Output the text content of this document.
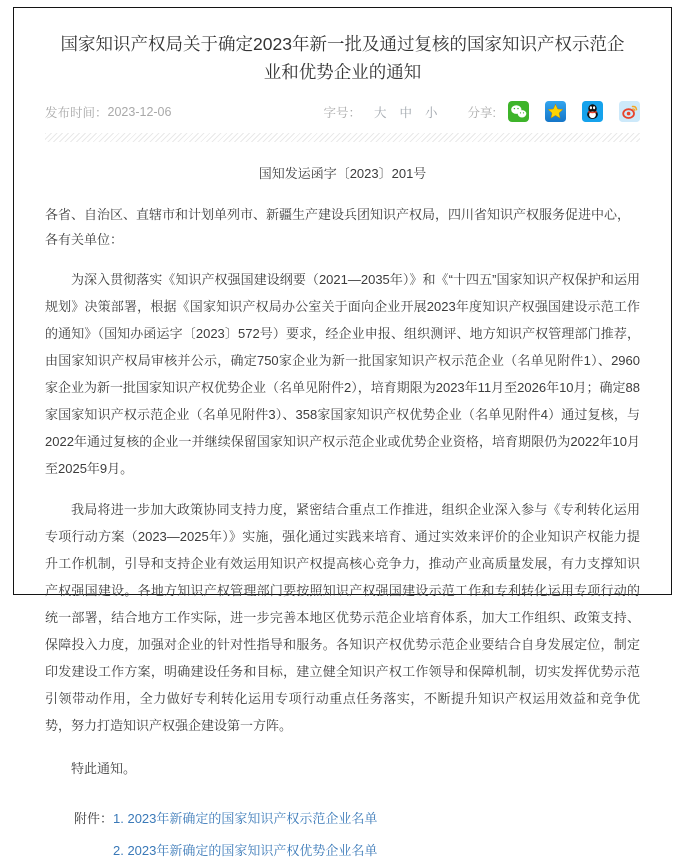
国家知识产权局关于确定2023年新一批及通过复核的国家知识产权示范企业和优势企业的通知
发布时间： 2023-12-06	字号： 大 中 小 分享:
国知发运函字〔2023〕201号
各省、自治区、直辖市和计划单列市、新疆生产建设兵团知识产权局，四川省知识产权服务促进中心，各有关单位：

为深入贯彻落实《知识产权强国建设纲要（2021—2035年）》和《“十四五”国家知识产权保护和运用规划》决策部署，根据《国家知识产权局办公室关于面向企业开展2023年度知识产权强国建设示范工作的通知》（国知办函运字〔2023〕572号）要求，经企业申报、组织测评、地方知识产权管理部门推荐，由国家知识产权局审核并公示，确定750家企业为新一批国家知识产权示范企业（名单见附件1）、2960家企业为新一批国家知识产权优势企业（名单见附件2），培育期限为2023年11月至2026年10月；确定88家国家知识产权示范企业（名单见附件3）、358家国家知识产权优势企业（名单见附件4）通过复核，与2022年通过复核的企业一并继续保留国家知识产权示范企业或优势企业资格，培育期限仍为2022年10月至2025年9月。

我局将进一步加大政策协同支持力度，紧密结合重点工作推进，组织企业深入参与《专利转化运用专项行动方案（2023—2025年）》实施，强化通过实践来培育、通过实效来评价的企业知识产权能力提升工作机制，引导和支持企业有效运用知识产权提高核心竞争力，推动产业高质量发展，有力支撑知识产权强国建设。各地方知识产权管理部门要按照知识产权强国建设示范工作和专利转化运用专项行动的统一部署，结合地方工作实际，进一步完善本地区优势示范企业培育体系，加大工作组织、政策支持、保障投入力度，加强对企业的针对性指导和服务。各知识产权优势示范企业要结合自身发展定位，制定印发建设工作方案，明确建设任务和目标，建立健全知识产权工作领导和保障机制，切实发挥优势示范引领带动作用，全力做好专利转化运用专项行动重点任务落实，不断提升知识产权运用效益和竞争优势，努力打造知识产权强企建设第一方阵。

特此通知。

附件：1. 2023年新确定的国家知识产权示范企业名单
2. 2023年新确定的国家知识产权优势企业名单
